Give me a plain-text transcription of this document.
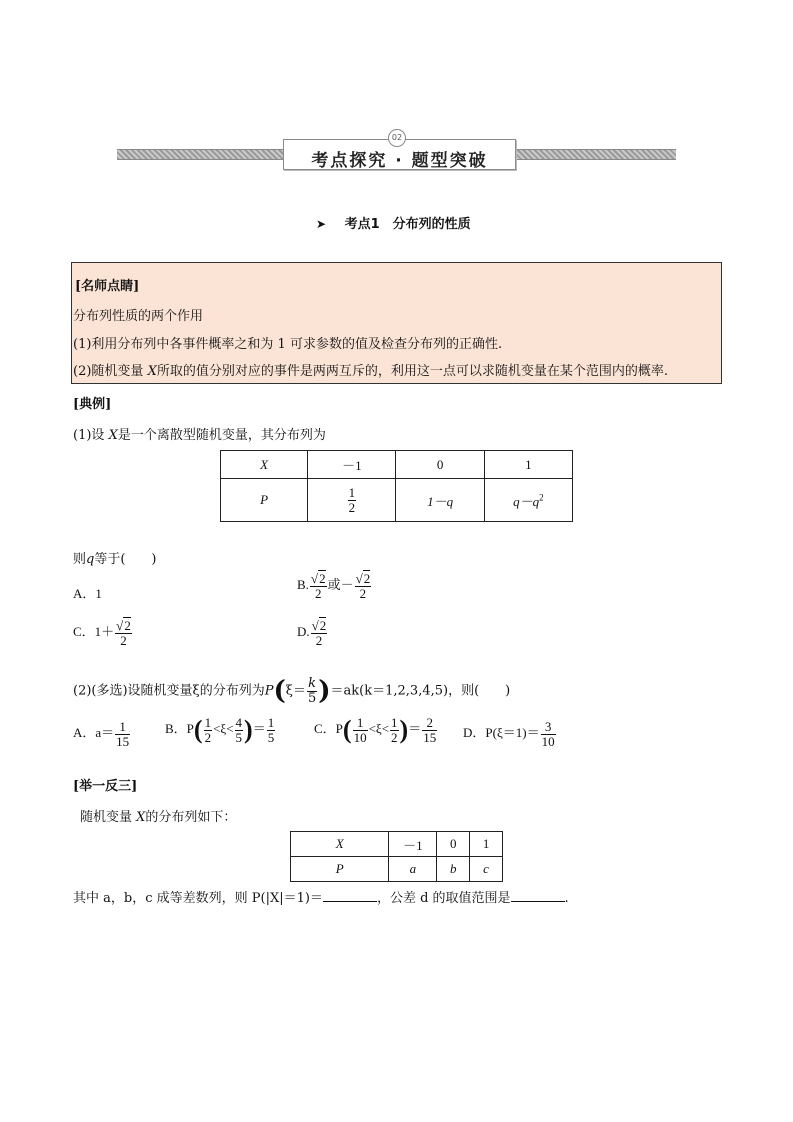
考点探究 · 题型突破
02
➤ 考点1　分布列的性质
[名师点睛]
分布列性质的两个作用
(1)利用分布列中各事件概率之和为 1 可求参数的值及检查分布列的正确性.
(2)随机变量 X所取的值分别对应的事件是两两互斥的，利用这一点可以求随机变量在某个范围内的概率.
[典例]
(1)设 X是一个离散型随机变量，其分布列为
X	－1	0	1
P	$\frac{1}{2}$	1－q	$q-q^2$
则q等于(　　)
A．1
B. $\frac{√2}{2}$ 或－ $\frac{√2}{2}$
C．$1+ \frac{√2}{2}$	D. $\frac{√2}{2}$
(2)(多选)设随机变量ξ的分布列为$P(\xi= \frac{k}{5} )=ak(k=1,2,3,4,5)$，则(　　)
A．$a= \frac{1}{15}$	B．$P( \frac{1}{2} <\xi< \frac{4}{5}$ )＝ $\frac{1}{5}$	C．$P( \frac{1}{10} <\xi< \frac{1}{2}$ )＝ $\frac{2}{15}$ D．$P(\xi=1)= \frac{3}{10}$
[举一反三]
随机变量 X的分布列如下：
X	－1	0	1
P	a	b	c
其中 a，b，c 成等差数列，则 P(|X|＝1)＝	，公差 d 的取值范围是	.
